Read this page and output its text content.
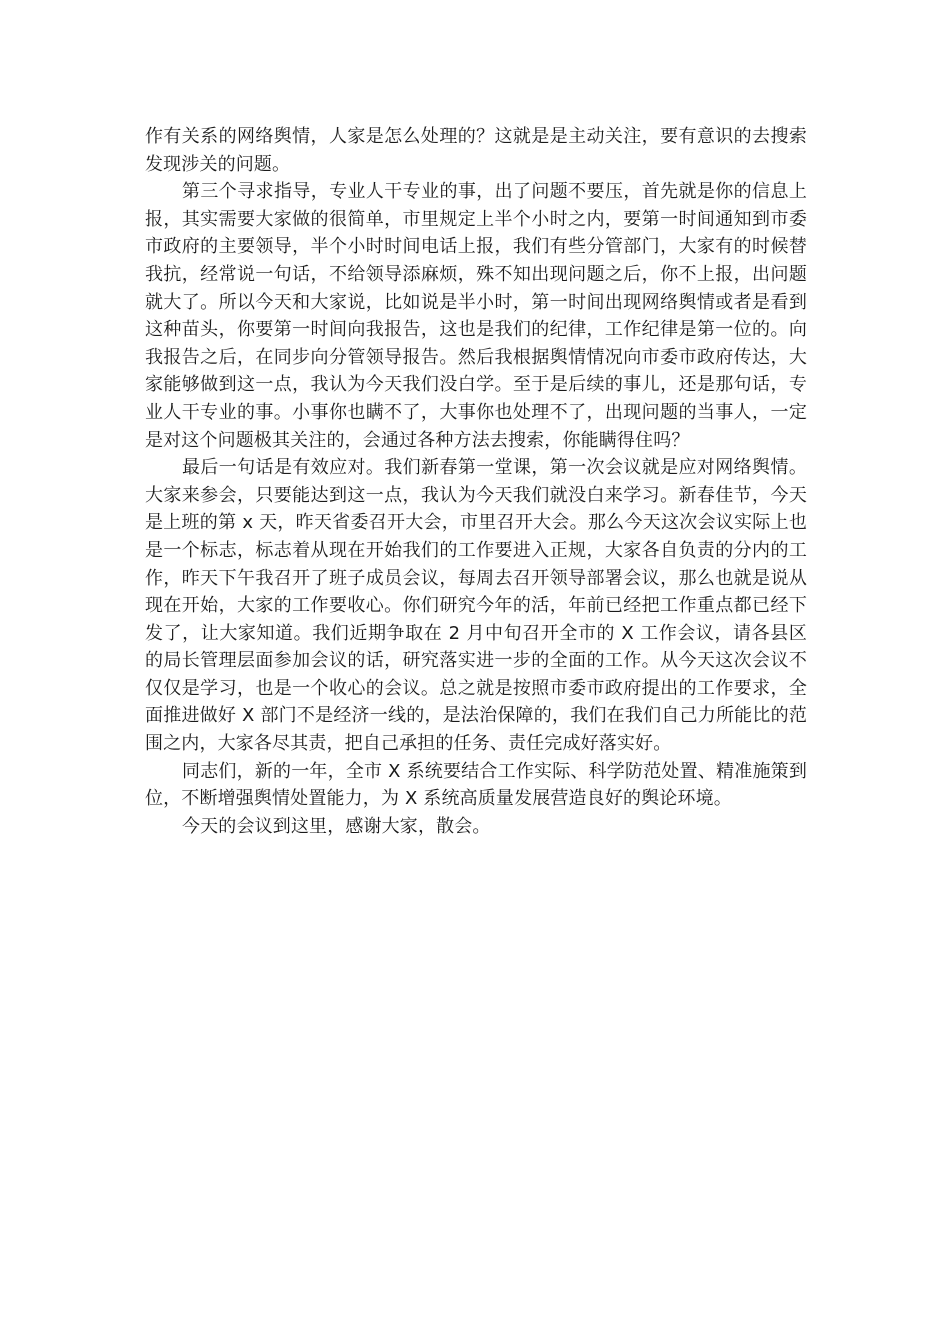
作有关系的网络舆情，人家是怎么处理的？这就是是主动关注，要有意识的去搜索发现涉关的问题。

第三个寻求指导，专业人干专业的事，出了问题不要压，首先就是你的信息上报，其实需要大家做的很简单，市里规定上半个小时之内，要第一时间通知到市委市政府的主要领导，半个小时时间电话上报，我们有些分管部门，大家有的时候替我抗，经常说一句话，不给领导添麻烦，殊不知出现问题之后，你不上报，出问题就大了。所以今天和大家说，比如说是半小时，第一时间出现网络舆情或者是看到这种苗头，你要第一时间向我报告，这也是我们的纪律，工作纪律是第一位的。向我报告之后，在同步向分管领导报告。然后我根据舆情情况向市委市政府传达，大家能够做到这一点，我认为今天我们没白学。至于是后续的事儿，还是那句话，专业人干专业的事。小事你也瞒不了，大事你也处理不了，出现问题的当事人，一定是对这个问题极其关注的，会通过各种方法去搜索，你能瞒得住吗？

最后一句话是有效应对。我们新春第一堂课，第一次会议就是应对网络舆情。大家来参会，只要能达到这一点，我认为今天我们就没白来学习。新春佳节，今天是上班的第 x 天，昨天省委召开大会，市里召开大会。那么今天这次会议实际上也是一个标志，标志着从现在开始我们的工作要进入正规，大家各自负责的分内的工作，昨天下午我召开了班子成员会议，每周去召开领导部署会议，那么也就是说从现在开始，大家的工作要收心。你们研究今年的活，年前已经把工作重点都已经下发了，让大家知道。我们近期争取在 2 月中旬召开全市的 X 工作会议，请各县区的局长管理层面参加会议的话，研究落实进一步的全面的工作。从今天这次会议不仅仅是学习，也是一个收心的会议。总之就是按照市委市政府提出的工作要求，全面推进做好 X 部门不是经济一线的，是法治保障的，我们在我们自己力所能比的范围之内，大家各尽其责，把自己承担的任务、责任完成好落实好。

同志们，新的一年，全市 X 系统要结合工作实际、科学防范处置、精准施策到位，不断增强舆情处置能力，为 X 系统高质量发展营造良好的舆论环境。

今天的会议到这里，感谢大家，散会。
